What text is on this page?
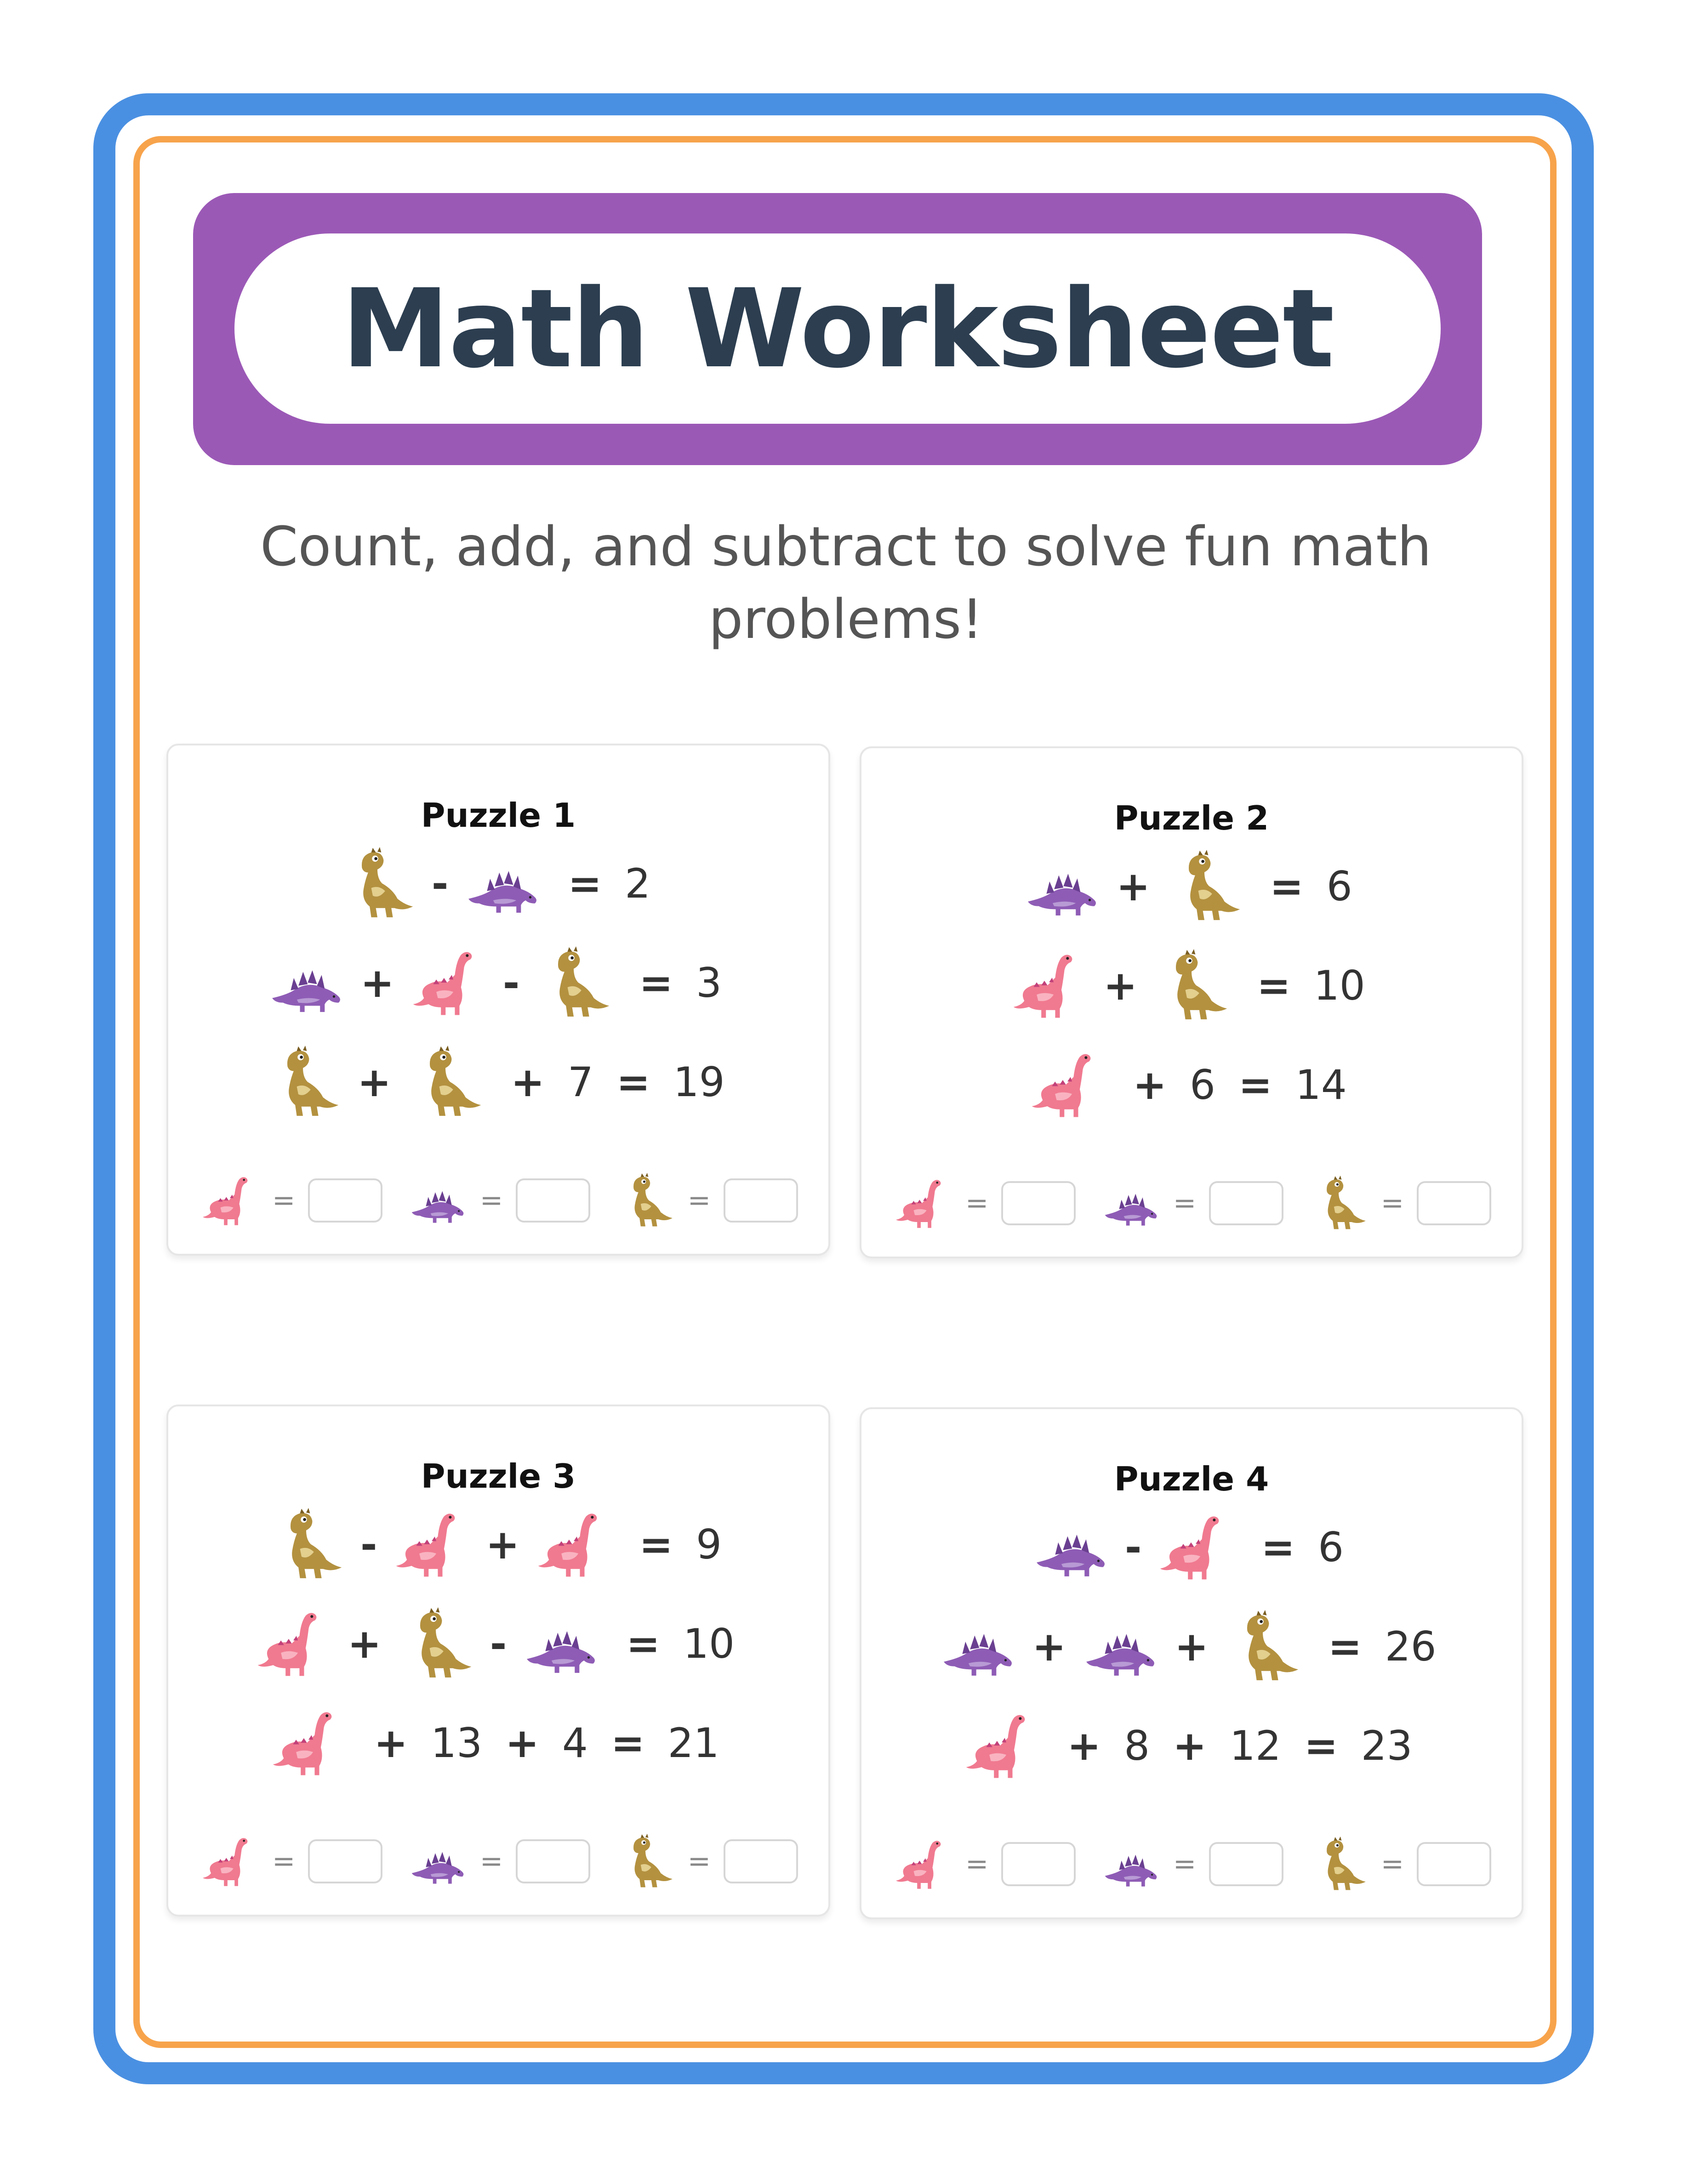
Math Worksheet
Count, add, and subtract to solve fun math problems!
Puzzle 1
-	= 2
+	-	= 3
+	+ 7 = 19
=	=	=
Puzzle 2
+	= 6
+	= 10
+ 6 = 14
=	=	=
Puzzle 3
-	+	= 9
+	-	= 10
+ 13 + 4 = 21
=	=	=
Puzzle 4
-	= 6
+	+	= 26
+ 8 + 12 = 23
=	=	=
